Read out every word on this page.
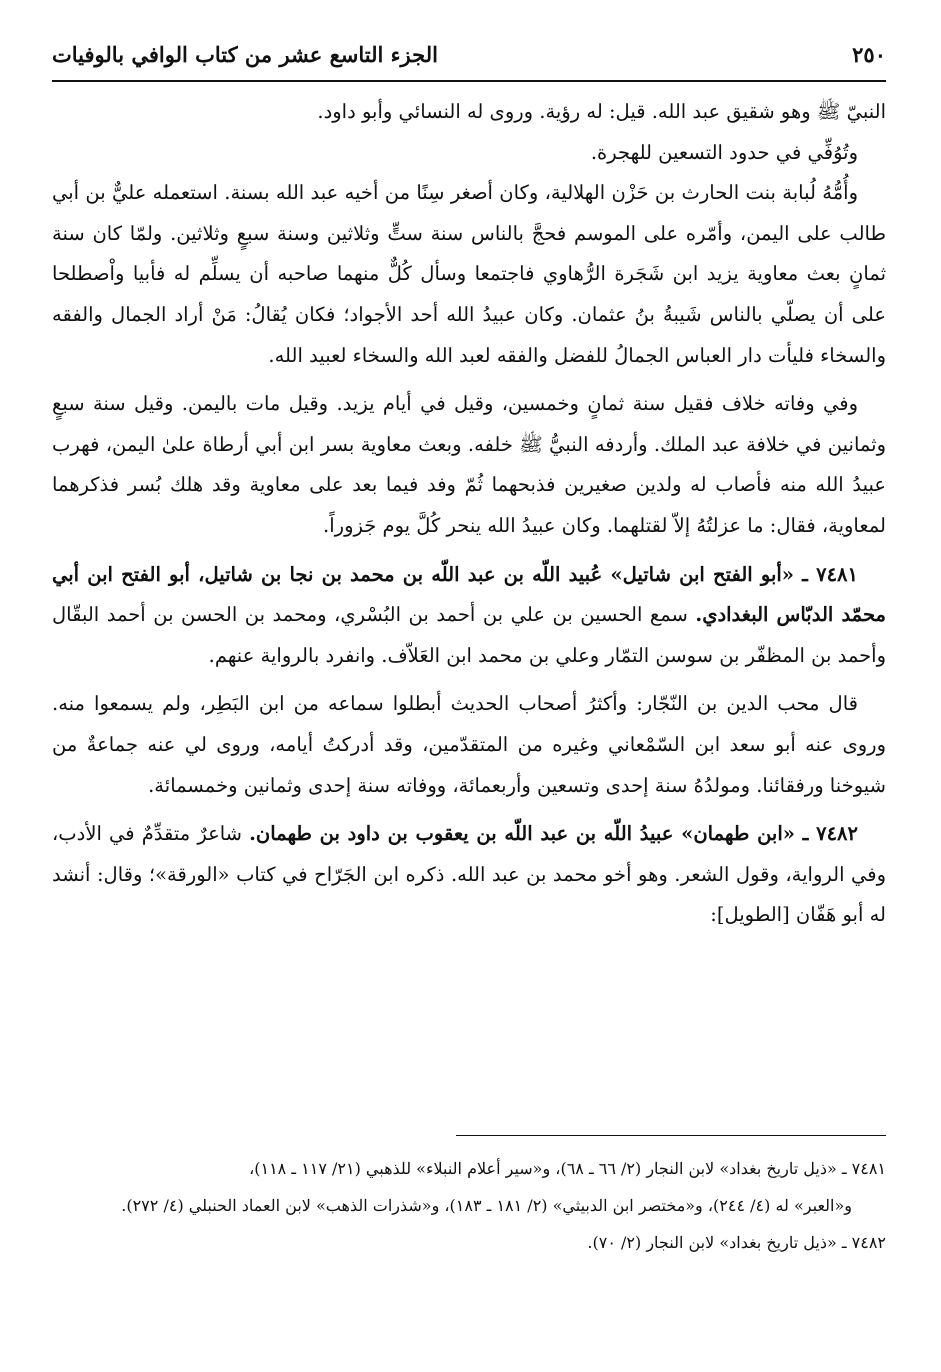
٢٥٠
الجزء التاسع عشر من كتاب الوافي بالوفيات

النبيّ ﷺ وهو شقيق عبد الله. قيل: له رؤية. وروى له النسائي وأبو داود.

وتُوُفِّي في حدود التسعين للهجرة.

وأُمُّهُ لُبابة بنت الحارث بن حَزْن الهلالية، وكان أصغر سِنًا من أخيه عبد الله بسنة. استعمله عليٌّ بن أبي طالب على اليمن، وأمّره على الموسم فحجَّ بالناس سنة ستٍّ وثلاثين وسنة سبعٍ وثلاثين. ولمّا كان سنة ثمانٍ بعث معاوية يزيد ابن شَجَرة الرُّهاوي فاجتمعا وسأل كُلٌّ منهما صاحبه أن يسلِّم له فأبيا واْصطلحا على أن يصلّي بالناس شَيبةُ بنُ عثمان. وكان عبيدُ الله أحد الأجواد؛ فكان يُقالُ: مَنْ أراد الجمال والفقه والسخاء فليأت دار العباس الجمالُ للفضل والفقه لعبد الله والسخاء لعبيد الله.

وفي وفاته خلاف فقيل سنة ثمانٍ وخمسين، وقيل في أيام يزيد. وقيل مات باليمن. وقيل سنة سبعٍ وثمانين في خلافة عبد الملك. وأردفه النبيُّ ﷺ خلفه. وبعث معاوية بسر ابن أبي أرطاة علىٰ اليمن، فهرب عبيدُ الله منه فأصاب له ولدين صغيرين فذبحهما ثُمّ وفد فيما بعد على معاوية وقد هلك بُسر فذكرهما لمعاوية، فقال: ما عزلتُهُ إلاّ لقتلهما. وكان عبيدُ الله ينحر كُلَّ يوم جَزوراً.

٧٤٨١ ـ «أبو الفتح ابن شاتيل» عُبيد اللّه بن عبد اللّه بن محمد بن نجا بن شاتيل، أبو الفتح ابن أبي محمّد الدبّاس البغدادي. سمع الحسين بن علي بن أحمد بن البُسْري، ومحمد بن الحسن بن أحمد البقّال وأحمد بن المظفّر بن سوسن التمّار وعلي بن محمد ابن العَلاّف. وانفرد بالرواية عنهم.

قال محب الدين بن النّجّار: وأكثرُ أصحاب الحديث أبطلوا سماعه من ابن البَطِر، ولم يسمعوا منه. وروى عنه أبو سعد ابن السّمْعاني وغيره من المتقدّمين، وقد أدركتُ أيامه، وروى لي عنه جماعةٌ من شيوخنا ورفقائنا. ومولدُهُ سنة إحدى وتسعين وأربعمائة، ووفاته سنة إحدى وثمانين وخمسمائة.

٧٤٨٢ ـ «ابن طهمان» عبيدُ اللّه بن عبد اللّه بن يعقوب بن داود بن طهمان. شاعرٌ متقدِّمٌ في الأدب، وفي الرواية، وقول الشعر. وهو أخو محمد بن عبد الله. ذكره ابن الجَرّاح في كتاب «الورقة»؛ وقال: أنشد له أبو هَفّان [الطويل]:

٧٤٨١ ـ «ذيل تاريخ بغداد» لابن النجار (٢/ ٦٦ ـ ٦٨)، و«سير أعلام النبلاء» للذهبي (٢١/ ١١٧ ـ ١١٨)،

و«العبر» له (٤/ ٢٤٤)، و«مختصر ابن الدبيثي» (٢/ ١٨١ ـ ١٨٣)، و«شذرات الذهب» لابن العماد الحنبلي (٤/ ٢٧٢).

٧٤٨٢ ـ «ذيل تاريخ بغداد» لابن النجار (٢/ ٧٠).
